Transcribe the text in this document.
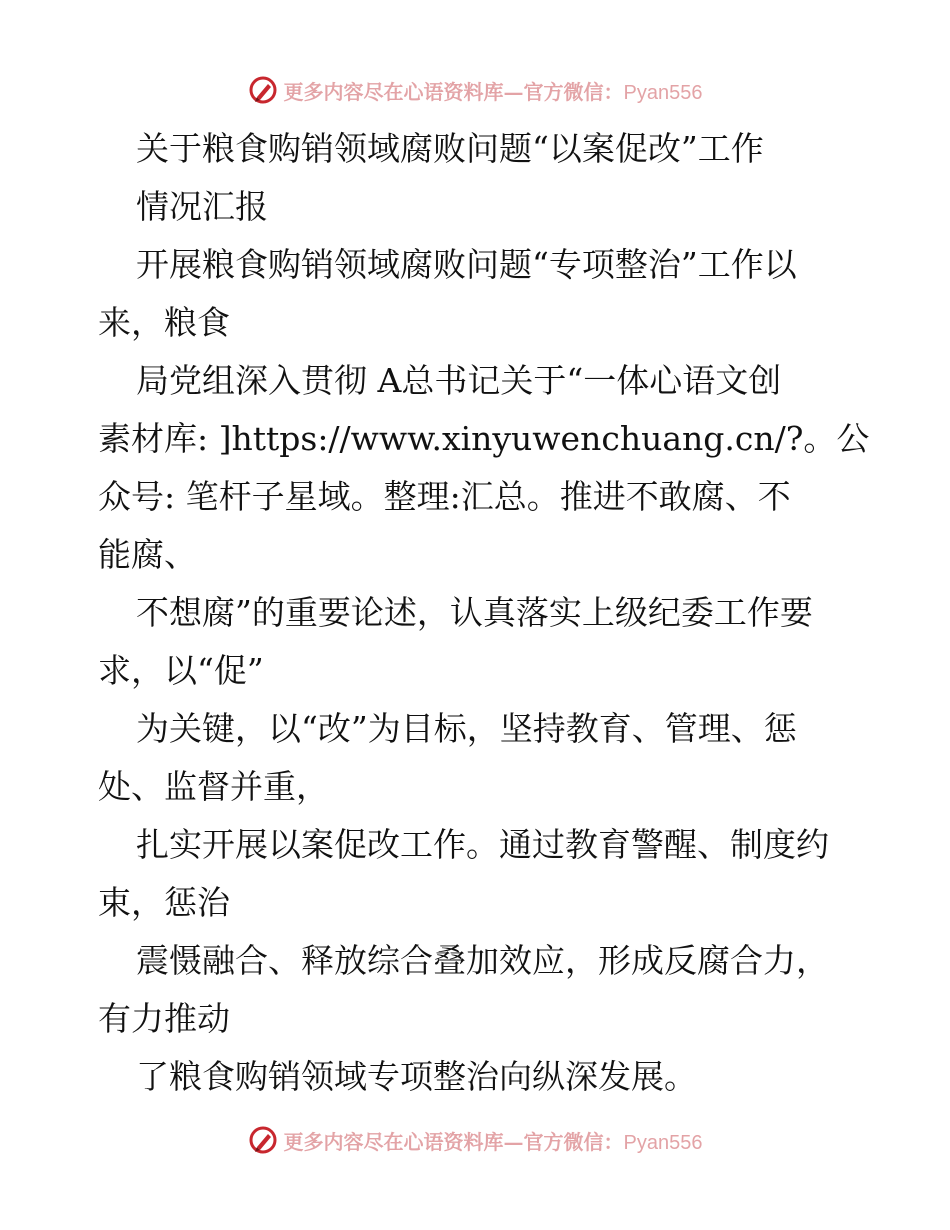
更多内容尽在心语资料库—官方微信：Pyan556
关于粮食购销领域腐败问题“以案促改”工作
情况汇报
开展粮食购销领域腐败问题“专项整治”工作以
来，粮食
局党组深入贯彻 A总书记关于“一体心语文创
素材库: ]https://www.xinyuwenchuang.cn/?。公
众号: 笔杆子星域。整理:汇总。推进不敢腐、不
能腐、
不想腐”的重要论述，认真落实上级纪委工作要
求，以“促”
为关键，以“改”为目标，坚持教育、管理、惩
处、监督并重，
扎实开展以案促改工作。通过教育警醒、制度约
束，惩治
震慑融合、释放综合叠加效应，形成反腐合力，
有力推动
了粮食购销领域专项整治向纵深发展。
更多内容尽在心语资料库—官方微信：Pyan556
